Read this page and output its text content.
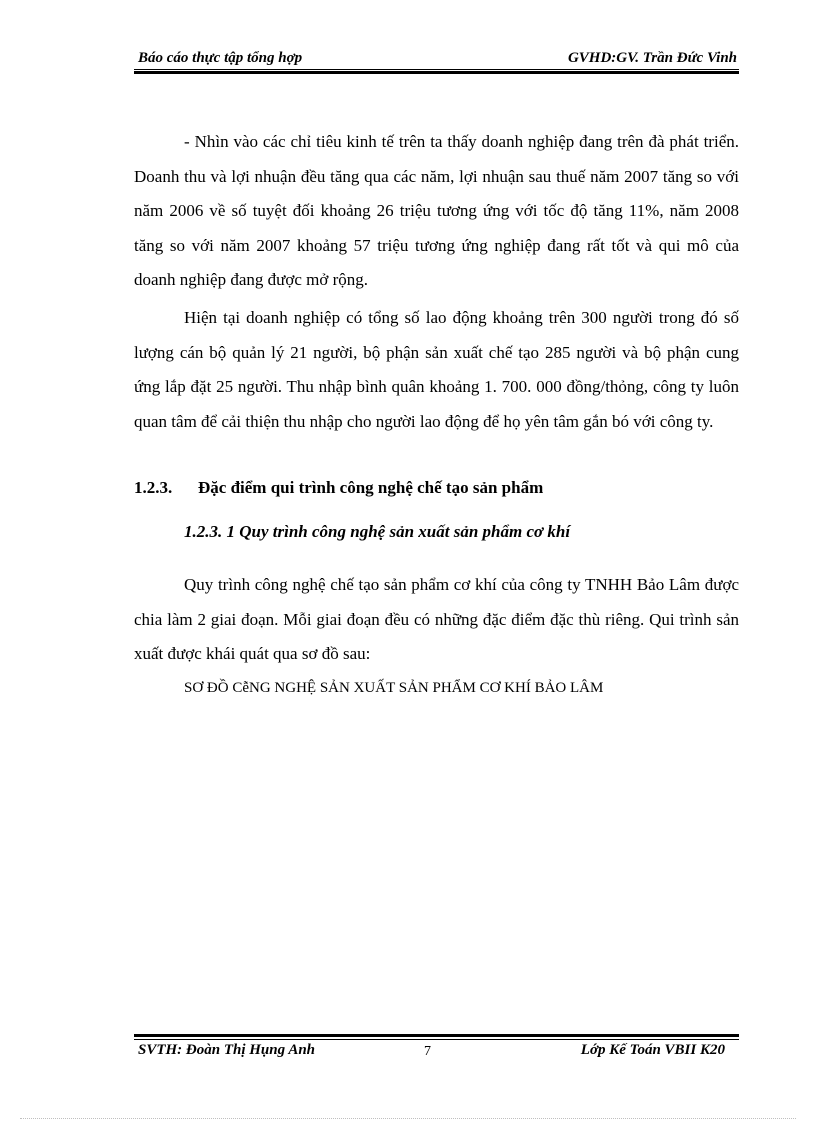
Báo cáo thực tập tổng hợp	GVHD:GV. Trần Đức Vinh

- Nhìn vào các chỉ tiêu kinh tế trên ta thấy doanh nghiệp đang trên đà phát triển. Doanh thu và lợi nhuận đều tăng qua các năm, lợi nhuận sau thuế năm 2007 tăng so với năm 2006 về số tuyệt đối khoảng 26 triệu tương ứng với tốc độ tăng 11%, năm 2008 tăng so với năm 2007 khoảng 57 triệu tương ứng nghiệp đang rất tốt và qui mô của doanh nghiệp đang được mở rộng.

Hiện tại doanh nghiệp có tổng số lao động khoảng trên 300 người trong đó số lượng cán bộ quản lý 21 người, bộ phận sản xuất chế tạo 285 người và bộ phận cung ứng lắp đặt 25 người. Thu nhập bình quân khoảng 1. 700. 000 đồng/thỏng, công ty luôn quan tâm để cải thiện thu nhập cho người lao động để họ yên tâm gắn bó với công ty.

1.2.3. Đặc điểm qui trình công nghệ chế tạo sản phẩm
1.2.3. 1 Quy trình công nghệ sản xuất sản phẩm cơ khí

Quy trình công nghệ chế tạo sản phẩm cơ khí của công ty TNHH Bảo Lâm được chia làm 2 giai đoạn. Mỗi giai đoạn đều có những đặc điểm đặc thù riêng. Qui trình sản xuất được khái quát qua sơ đồ sau:

SƠ ĐỒ CễNG NGHỆ SẢN XUẤT SẢN PHẨM CƠ KHÍ BẢO LÂM
SVTH: Đoàn Thị Hụng Anh	7	Lớp Kế Toán VBII K20
